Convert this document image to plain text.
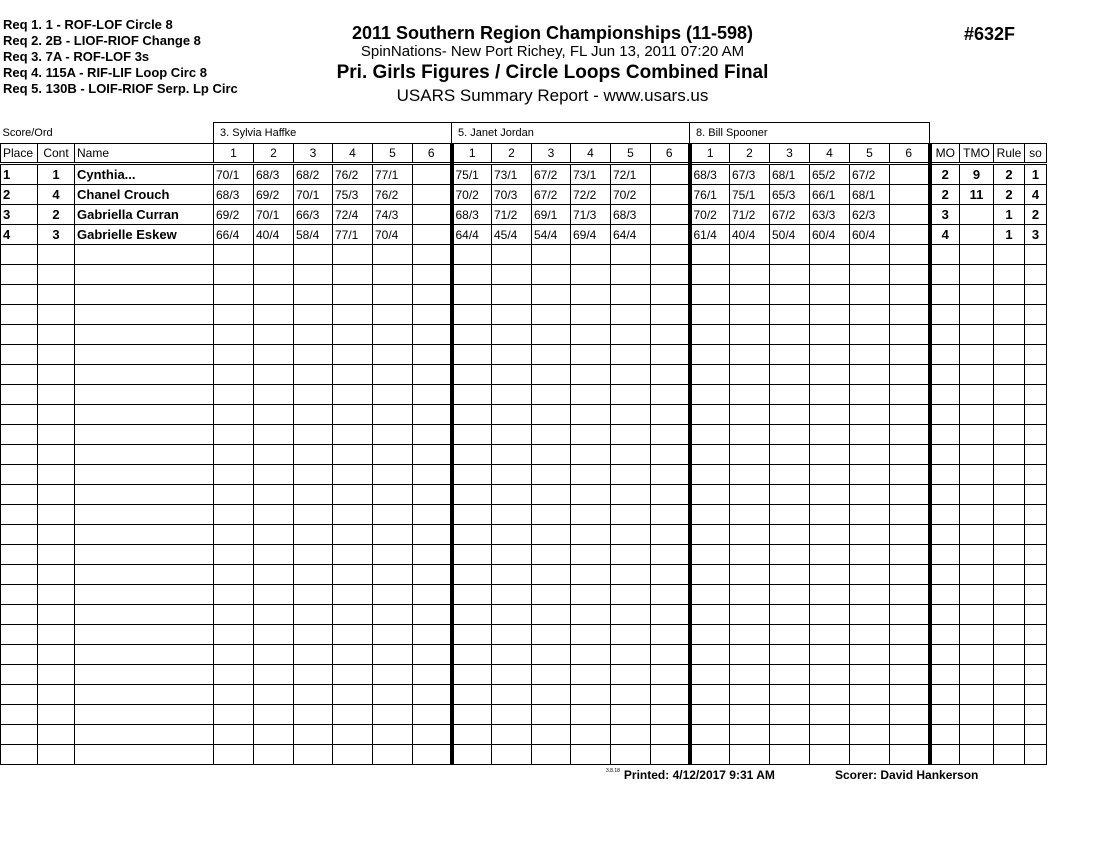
Req 1. 1 - ROF-LOF Circle 8
Req 2. 2B - LIOF-RIOF Change 8
Req 3. 7A - ROF-LOF 3s
Req 4. 115A - RIF-LIF Loop Circ 8
Req 5. 130B - LOIF-RIOF Serp. Lp Circ
2011 Southern Region Championships (11-598)
SpinNations- New Port Richey, FL Jun 13, 2011 07:20 AM
Pri. Girls Figures / Circle Loops Combined Final
USARS Summary Report - www.usars.us
#632F
Score/Ord			3. Sylvia Haffke						5. Janet Jordan						8. Bill Spooner									
Place	Cont	Name	1	2	3	4	5	6	1	2	3	4	5	6	1	2	3	4	5	6	MO	TMO	Rule	so
1	1	Cynthia...	70/1	68/3	68/2	76/2	77/1		75/1	73/1	67/2	73/1	72/1		68/3	67/3	68/1	65/2	67/2		2	9	2	1
2	4	Chanel Crouch	68/3	69/2	70/1	75/3	76/2		70/2	70/3	67/2	72/2	70/2		76/1	75/1	65/3	66/1	68/1		2	11	2	4
3	2	Gabriella Curran	69/2	70/1	66/3	72/4	74/3		68/3	71/2	69/1	71/3	68/3		70/2	71/2	67/2	63/3	62/3		3		1	2
4	3	Gabrielle Eskew	66/4	40/4	58/4	77/1	70/4		64/4	45/4	54/4	69/4	64/4		61/4	40/4	50/4	60/4	60/4		4		1	3

$^{3.8.18}$ Printed: 4/12/2017 9:31 AM	Scorer: David Hankerson
